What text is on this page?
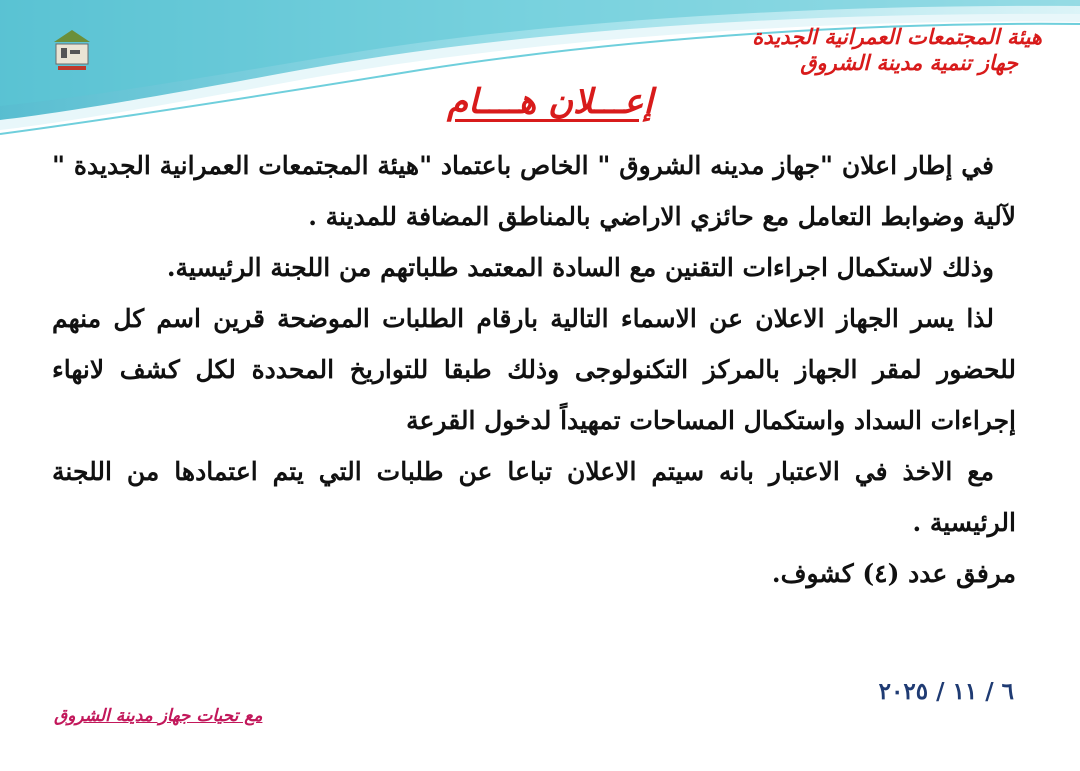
هيئة المجتمعات العمرانية الجديدة
جهاز تنمية مدينة الشروق
إعـــلان هــــام

في إطار اعلان "جهاز مدينه الشروق " الخاص باعتماد "هيئة المجتمعات العمرانية الجديدة " لآلية وضوابط التعامل مع حائزي الاراضي بالمناطق المضافة للمدينة .

وذلك لاستكمال اجراءات التقنين مع السادة المعتمد طلباتهم من اللجنة الرئيسية.

لذا يسر الجهاز الاعلان عن الاسماء التالية بارقام الطلبات الموضحة قرين اسم كل منهم للحضور لمقر الجهاز بالمركز التكنولوجى وذلك طبقا للتواريخ المحددة لكل كشف لانهاء إجراءات السداد واستكمال المساحات تمهيداً لدخول القرعة

مع الاخذ في الاعتبار بانه سيتم الاعلان تباعا عن طلبات التي يتم اعتمادها من اللجنة الرئيسية .

مرفق عدد (٤) كشوف.

٦ / ١١ / ٢٠٢٥
مع تحيات جهاز مدينة الشروق
